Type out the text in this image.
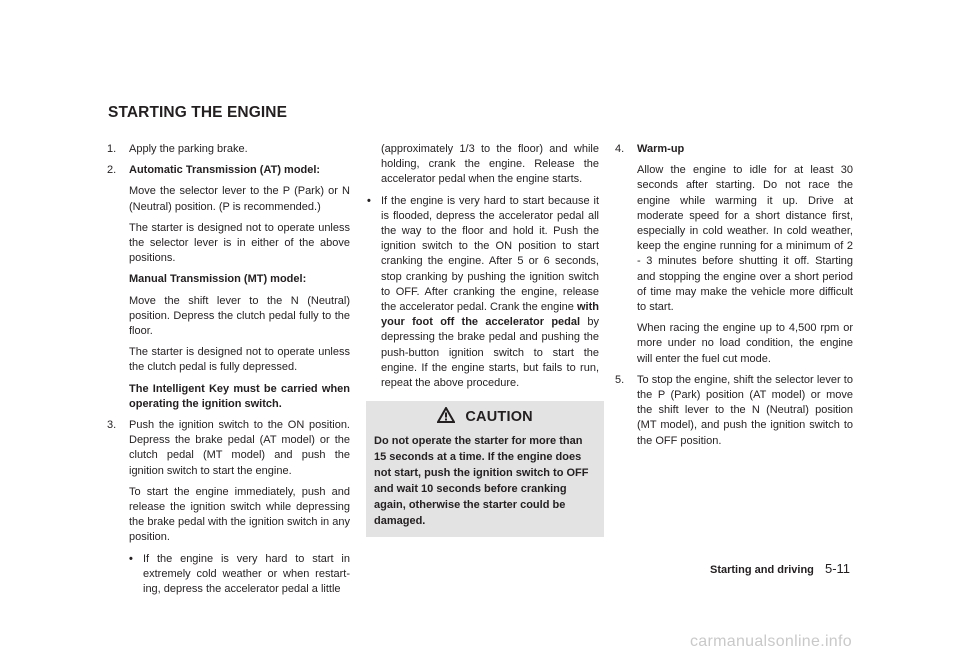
STARTING THE ENGINE
1. Apply the parking brake.
2. Automatic Transmission (AT) model:

Move the selector lever to the P (Park) or N (Neutral) position. (P is recommended.)

The starter is designed not to operate unless the selector lever is in either of the above positions.

Manual Transmission (MT) model:

Move the shift lever to the N (Neutral) position. Depress the clutch pedal fully to the floor.

The starter is designed not to operate unless the clutch pedal is fully depressed.

The Intelligent Key must be carried when operating the ignition switch.

3. Push the ignition switch to the ON position. Depress the brake pedal (AT model) or the clutch pedal (MT model) and push the ignition switch to start the engine.

To start the engine immediately, push and release the ignition switch while depressing the brake pedal with the ignition switch in any position.

• If the engine is very hard to start in extremely cold weather or when restart- ing, depress the accelerator pedal a little

(approximately 1/3 to the floor) and while holding, crank the engine. Release the accelerator pedal when the engine starts.

• If the engine is very hard to start because it is flooded, depress the accelerator pedal all the way to the floor and hold it. Push the ignition switch to the ON position to start cranking the engine. After 5 or 6 seconds, stop cranking by pushing the ignition switch to OFF. After cranking the engine, release the accelerator pedal. Crank the engine with your foot off the accelerator pedal by depressing the brake pedal and pushing the push-button ignition switch to start the engine. If the engine starts, but fails to run, repeat the above procedure.
CAUTION

Do not operate the starter for more than 15 seconds at a time. If the engine does not start, push the ignition switch to OFF and wait 10 seconds before cranking again, otherwise the starter could be damaged.

4. Warm-up

Allow the engine to idle for at least 30 seconds after starting. Do not race the engine while warming it up. Drive at moderate speed for a short distance first, especially in cold weather. In cold weather, keep the engine running for a minimum of 2 - 3 minutes before shutting it off. Starting and stopping the engine over a short period of time may make the vehicle more difficult to start.

When racing the engine up to 4,500 rpm or more under no load condition, the engine will enter the fuel cut mode.

5. To stop the engine, shift the selector lever to the P (Park) position (AT model) or move the shift lever to the N (Neutral) position (MT model), and push the ignition switch to the OFF position.
Starting and driving 5-11
carmanualsonline.info
